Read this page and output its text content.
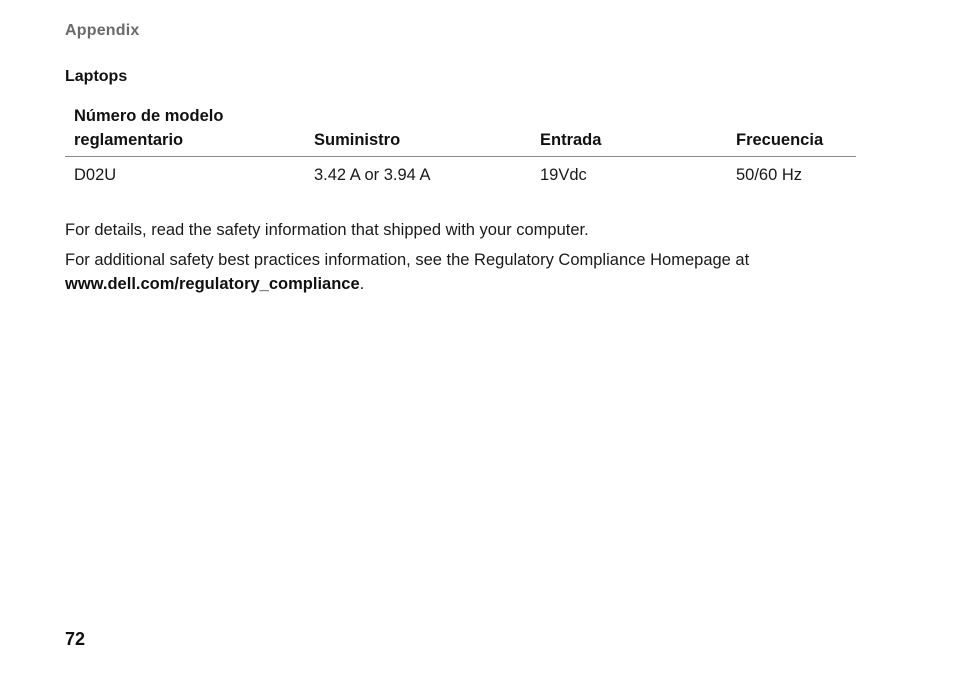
Appendix
Laptops
Número de modelo
reglamentario	Suministro	Entrada	Frecuencia
D02U	3.42 A or 3.94 A	19Vdc	50/60 Hz

For details, read the safety information that shipped with your computer.

For additional safety best practices information, see the Regulatory Compliance Homepage at
www.dell.com/regulatory_compliance.

72
